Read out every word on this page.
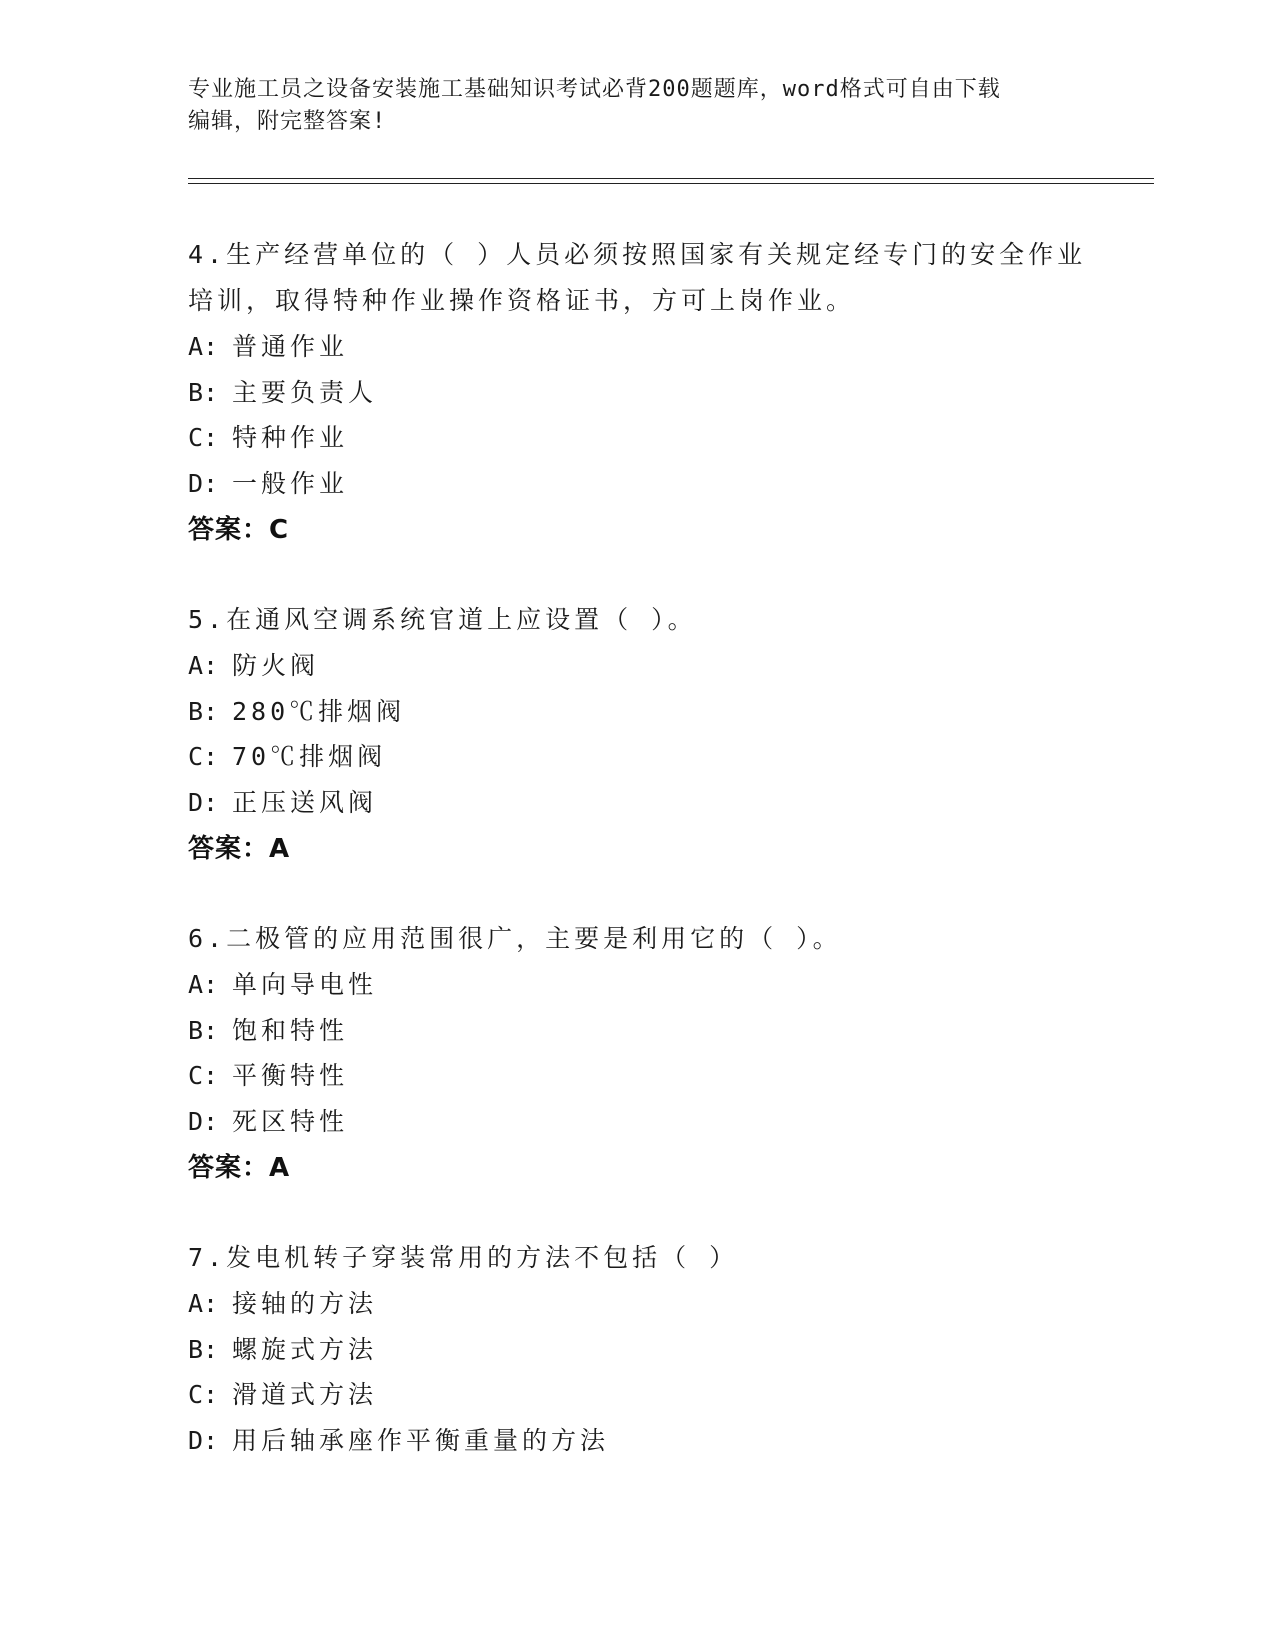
专业施工员之设备安装施工基础知识考试必背200题题库，word格式可自由下载
编辑，附完整答案!
4.生产经营单位的（ ）人员必须按照国家有关规定经专门的安全作业
培训，取得特种作业操作资格证书，方可上岗作业。
A: 普通作业
B: 主要负责人
C: 特种作业
D: 一般作业
答案：C
5.在通风空调系统官道上应设置（ ）。
A: 防火阀
B: 280℃排烟阀
C: 70℃排烟阀
D: 正压送风阀
答案：A
6.二极管的应用范围很广，主要是利用它的（ ）。
A: 单向导电性
B: 饱和特性
C: 平衡特性
D: 死区特性
答案：A
7.发电机转子穿装常用的方法不包括（ ）
A: 接轴的方法
B: 螺旋式方法
C: 滑道式方法
D: 用后轴承座作平衡重量的方法
